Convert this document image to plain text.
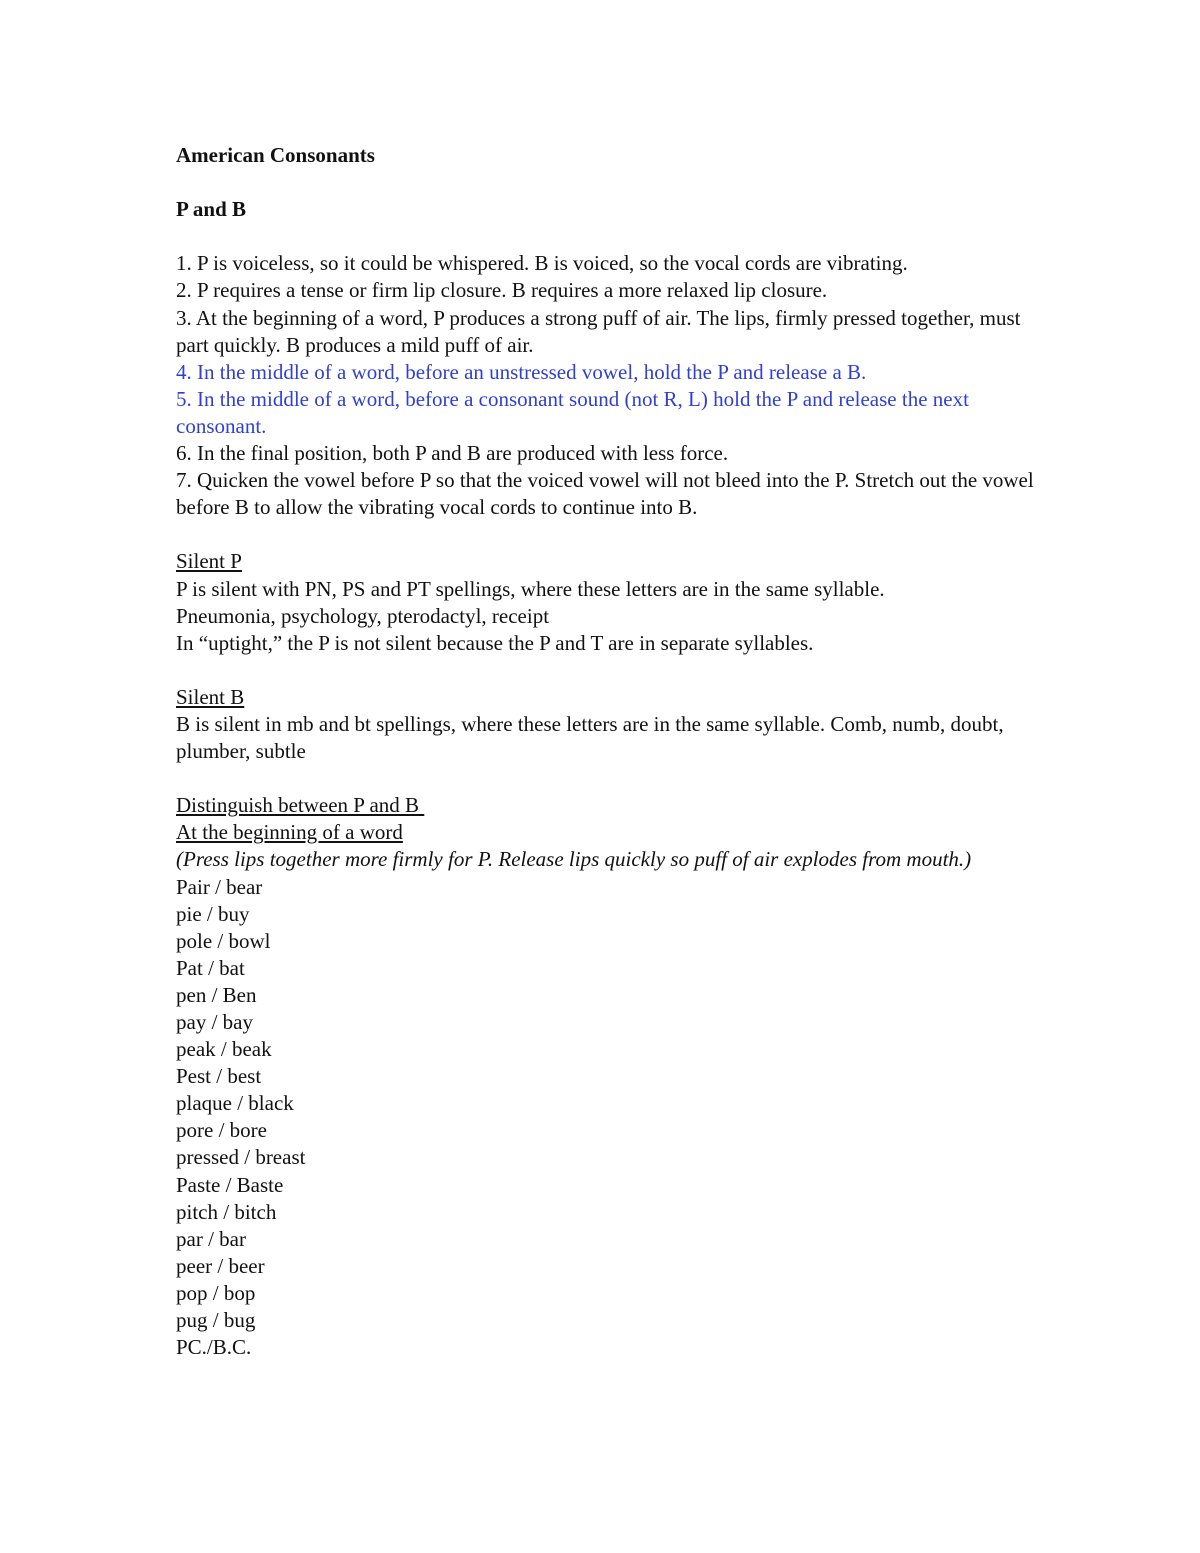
American Consonants
P and B
1. P is voiceless, so it could be whispered. B is voiced, so the vocal cords are vibrating.
2. P requires a tense or firm lip closure. B requires a more relaxed lip closure.
3. At the beginning of a word, P produces a strong puff of air. The lips, firmly pressed together, must part quickly. B produces a mild puff of air.
4. In the middle of a word, before an unstressed vowel, hold the P and release a B.
5. In the middle of a word, before a consonant sound (not R, L) hold the P and release the next consonant.
6. In the final position, both P and B are produced with less force.
7. Quicken the vowel before P so that the voiced vowel will not bleed into the P. Stretch out the vowel before B to allow the vibrating vocal cords to continue into B.
Silent P
P is silent with PN, PS and PT spellings, where these letters are in the same syllable.
Pneumonia, psychology, pterodactyl, receipt
In “uptight,” the P is not silent because the P and T are in separate syllables.
Silent B
B is silent in mb and bt spellings, where these letters are in the same syllable. Comb, numb, doubt, plumber, subtle
Distinguish between P and B
At the beginning of a word
(Press lips together more firmly for P. Release lips quickly so puff of air explodes from mouth.)
Pair / bear
pie / buy
pole / bowl
Pat / bat
pen / Ben
pay / bay
peak / beak
Pest / best
plaque / black
pore / bore
pressed / breast
Paste / Baste
pitch / bitch
par / bar
peer / beer
pop / bop
pug / bug
PC./B.C.
